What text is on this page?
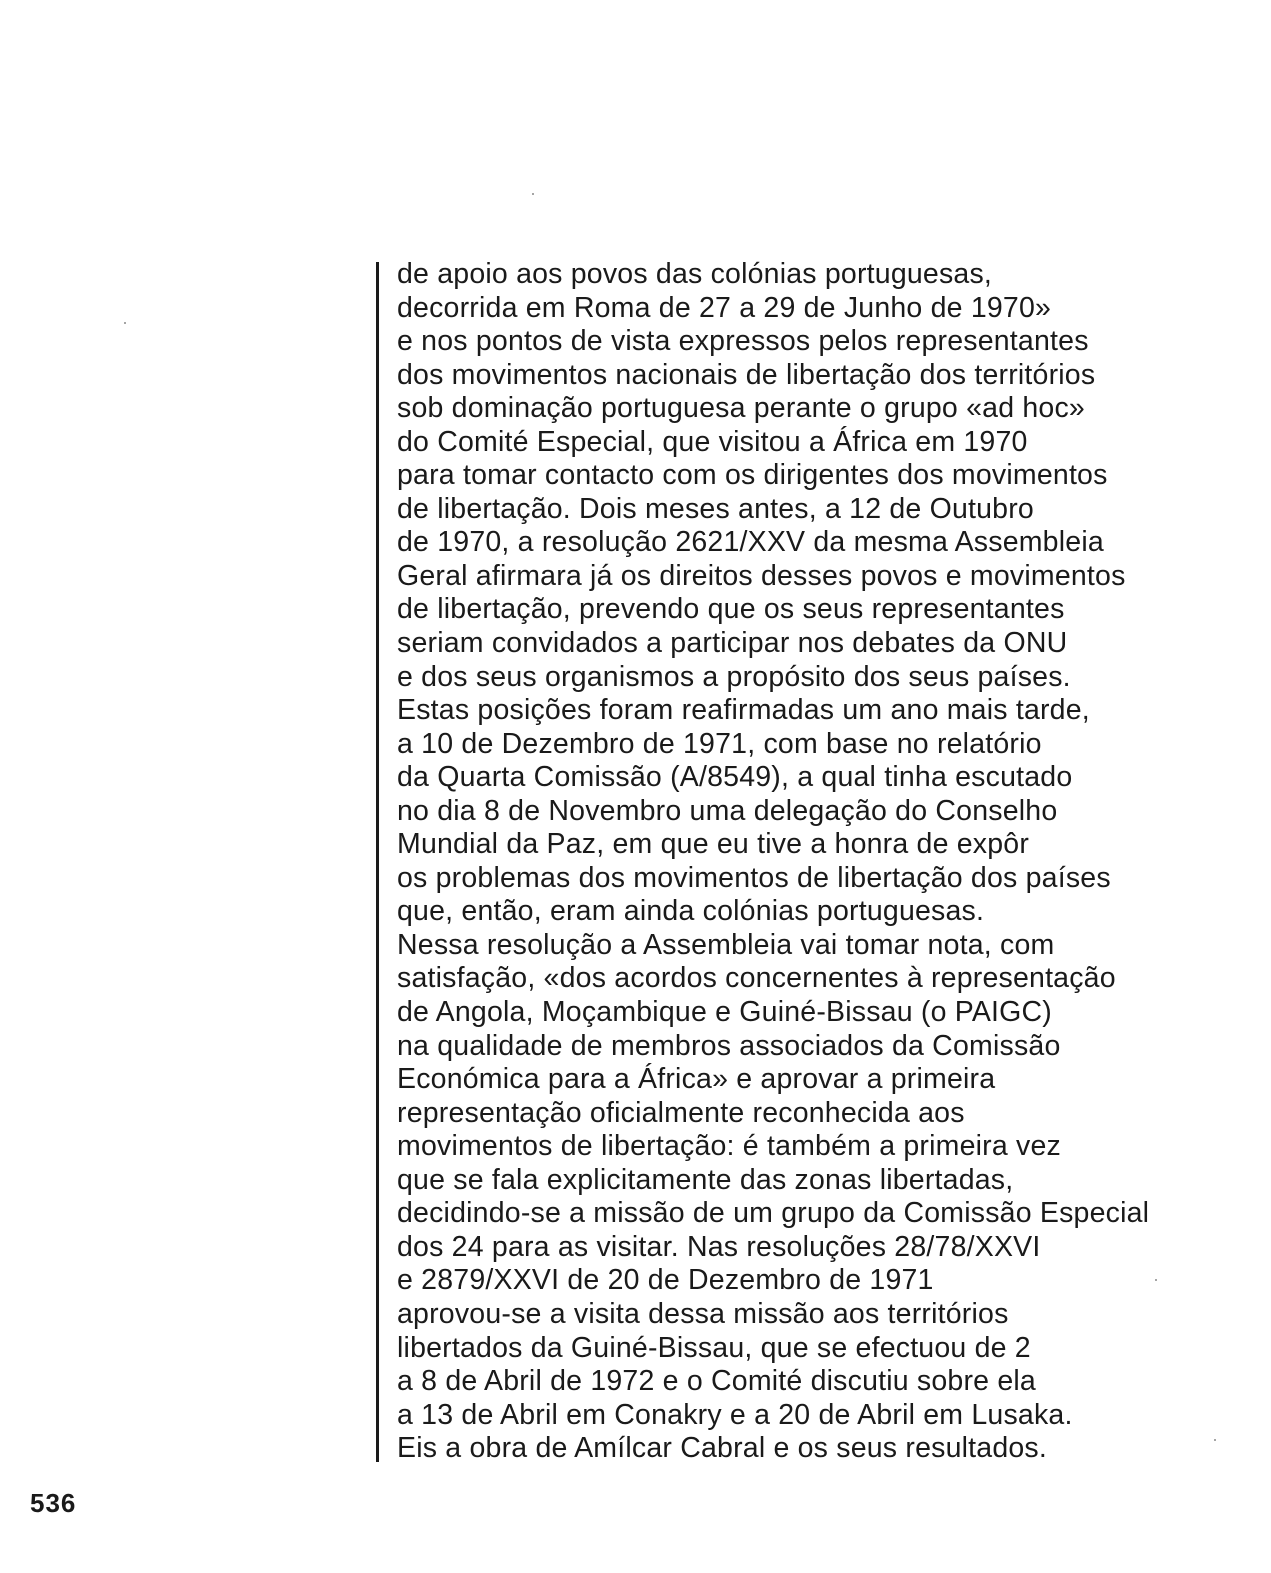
de apoio aos povos das colónias portuguesas,
decorrida em Roma de 27 a 29 de Junho de 1970»
e nos pontos de vista expressos pelos representantes
dos movimentos nacionais de libertação dos territórios
sob dominação portuguesa perante o grupo «ad hoc»
do Comité Especial, que visitou a África em 1970
para tomar contacto com os dirigentes dos movimentos
de libertação. Dois meses antes, a 12 de Outubro
de 1970, a resolução 2621/XXV da mesma Assembleia
Geral afirmara já os direitos desses povos e movimentos
de libertação, prevendo que os seus representantes
seriam convidados a participar nos debates da ONU
e dos seus organismos a propósito dos seus países.
Estas posições foram reafirmadas um ano mais tarde,
a 10 de Dezembro de 1971, com base no relatório
da Quarta Comissão (A/8549), a qual tinha escutado
no dia 8 de Novembro uma delegação do Conselho
Mundial da Paz, em que eu tive a honra de expôr
os problemas dos movimentos de libertação dos países
que, então, eram ainda colónias portuguesas.
Nessa resolução a Assembleia vai tomar nota, com
satisfação, «dos acordos concernentes à representação
de Angola, Moçambique e Guiné-Bissau (o PAIGC)
na qualidade de membros associados da Comissão
Económica para a África» e aprovar a primeira
representação oficialmente reconhecida aos
movimentos de libertação: é também a primeira vez
que se fala explicitamente das zonas libertadas,
decidindo-se a missão de um grupo da Comissão Especial
dos 24 para as visitar. Nas resoluções 28/78/XXVI
e 2879/XXVI de 20 de Dezembro de 1971
aprovou-se a visita dessa missão aos territórios
libertados da Guiné-Bissau, que se efectuou de 2
a 8 de Abril de 1972 e o Comité discutiu sobre ela
a 13 de Abril em Conakry e a 20 de Abril em Lusaka.
Eis a obra de Amílcar Cabral e os seus resultados.
536
